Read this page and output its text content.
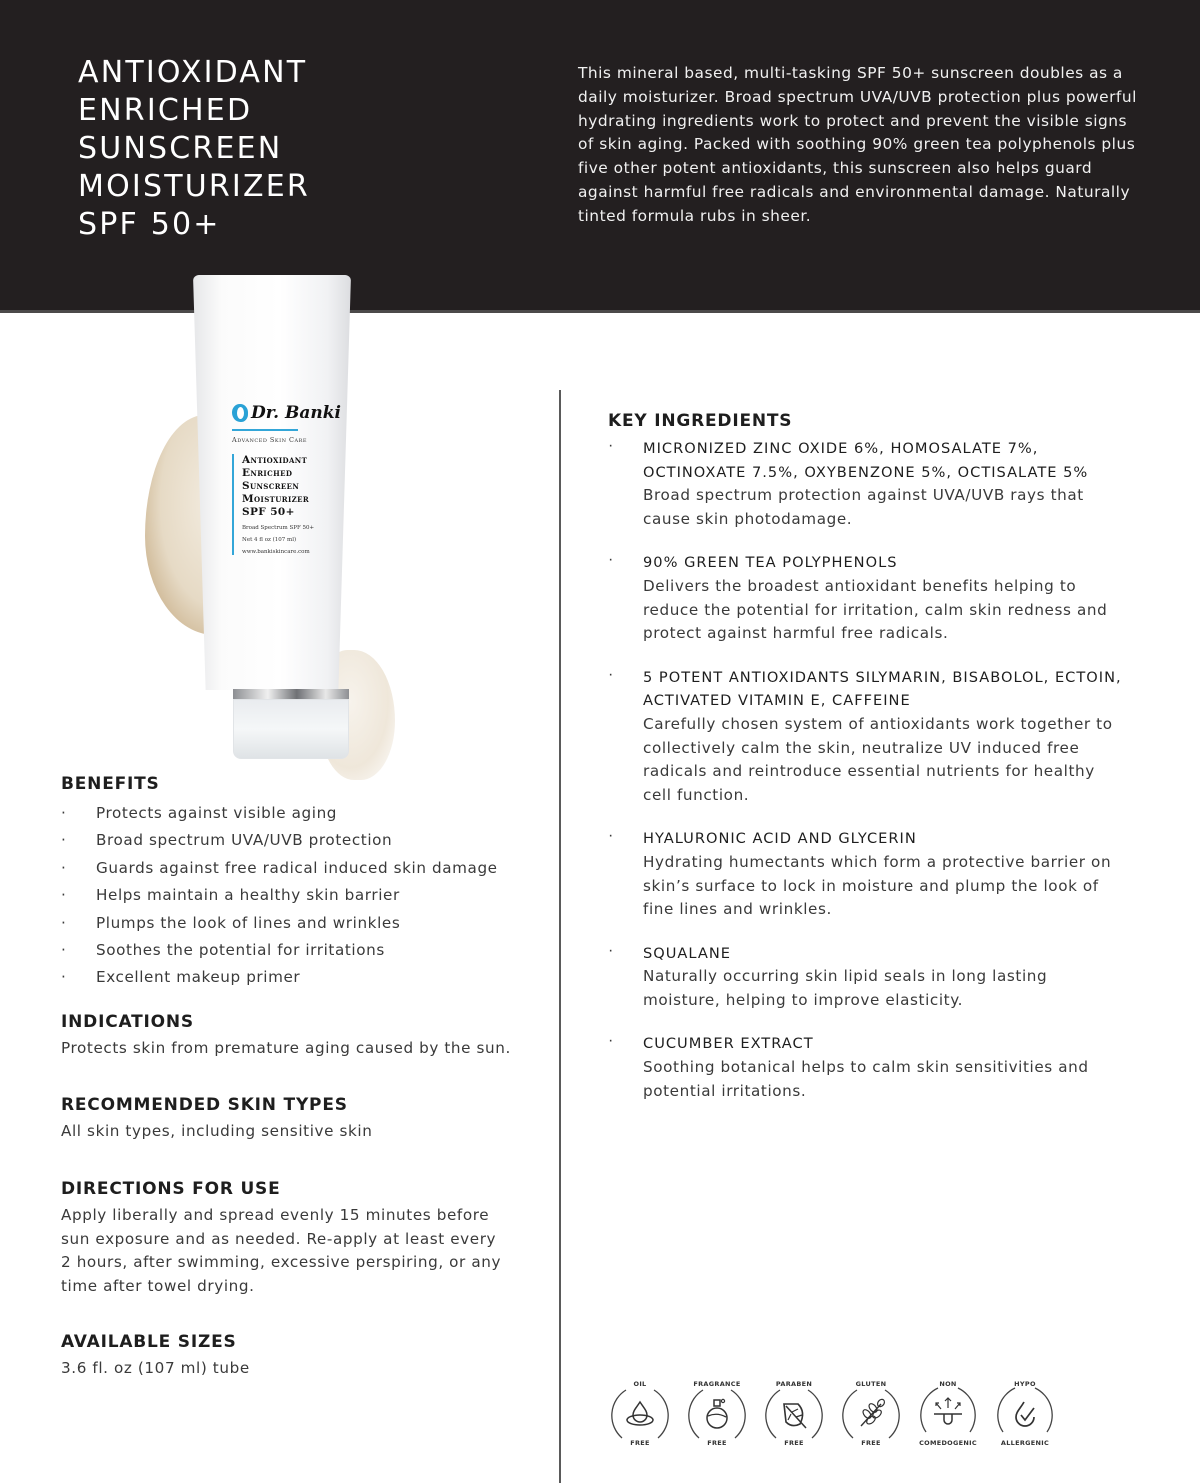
ANTIOXIDANT
ENRICHED
SUNSCREEN
MOISTURIZER
SPF 50+

This mineral based, multi-tasking SPF 50+ sunscreen doubles as a daily moisturizer. Broad spectrum UVA/UVB protection plus powerful hydrating ingredients work to protect and prevent the visible signs of skin aging. Packed with soothing 90% green tea polyphenols plus five other potent antioxidants, this sunscreen also helps guard against harmful free radicals and environmental damage. Naturally tinted formula rubs in sheer.

Dr. Banki
Advanced Skin Care
Antioxidant
Enriched
Sunscreen
Moisturizer
SPF 50+
Broad Spectrum SPF 50+
Net 4 fl oz (107 ml)
www.bankiskincare.com
BENEFITS
· Protects against visible aging
· Broad spectrum UVA/UVB protection
· Guards against free radical induced skin damage
· Helps maintain a healthy skin barrier
· Plumps the look of lines and wrinkles
· Soothes the potential for irritations
· Excellent makeup primer
INDICATIONS

Protects skin from premature aging caused by the sun.

RECOMMENDED SKIN TYPES

All skin types, including sensitive skin

DIRECTIONS FOR USE

Apply liberally and spread evenly 15 minutes before sun exposure and as needed. Re-apply at least every 2 hours, after swimming, excessive perspiring, or any time after towel drying.

AVAILABLE SIZES

3.6 fl. oz (107 ml) tube

KEY INGREDIENTS
· MICRONIZED ZINC OXIDE 6%, HOMOSALATE 7%, OCTINOXATE 7.5%, OXYBENZONE 5%, OCTISALATE 5%

Broad spectrum protection against UVA/UVB rays that cause skin photodamage.

· 90% GREEN TEA POLYPHENOLS

Delivers the broadest antioxidant benefits helping to reduce the potential for irritation, calm skin redness and protect against harmful free radicals.

· 5 POTENT ANTIOXIDANTS SILYMARIN, BISABOLOL, ECTOIN, ACTIVATED VITAMIN E, CAFFEINE

Carefully chosen system of antioxidants work together to collectively calm the skin, neutralize UV induced free radicals and reintroduce essential nutrients for healthy cell function.

· HYALURONIC ACID AND GLYCERIN

Hydrating humectants which form a protective barrier on skin’s surface to lock in moisture and plump the look of fine lines and wrinkles.

· SQUALANE

Naturally occurring skin lipid seals in long lasting moisture, helping to improve elasticity.

· CUCUMBER EXTRACT

Soothing botanical helps to calm skin sensitivities and potential irritations.

OIL
FREE
FRAGRANCE
FREE
PARABEN
FREE
GLUTEN
FREE
NON
COMEDOGENIC
HYPO
ALLERGENIC
